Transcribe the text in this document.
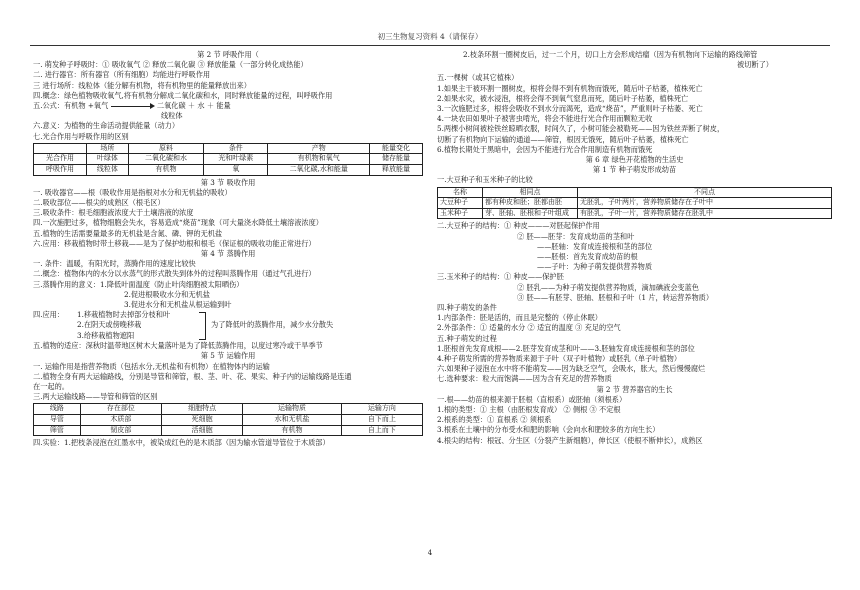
初三生物复习资料 4（请保存）
第 2 节 呼吸作用（
一. 萌发种子呼吸时：① 吸收氧气 ② 释放二氧化碳 ③ 释放能量（一部分转化成热能）
二. 进行器官：所有器官（所有细胞）均能进行呼吸作用
三 进行场所：线粒体（能分解有机物，将有机物里的能量释放出来）
四.概念：绿色植物吸收氧气,将有机物分解成二氧化碳和水，同时释放能量的过程，叫呼吸作用
五.公式：有机物 +氧气	二氧化碳 ＋ 水 ＋ 能量
线粒体
六.意义：为植物的生命活动提供能量（动力）
七.光合作用与呼吸作用的区别
	场所	原料	条件	产物	能量变化
光合作用	叶绿体	二氧化碳和水	光和叶绿素	有机物和氧气	储存能量
呼吸作用	线粒体	有机物	氧	二氧化碳,水和能量	释放能量
第 3 节 吸收作用
一. 吸收器官——根（吸收作用是指根对水分和无机盐的吸收）
二.吸收部位——根尖的成熟区（根毛区）
三.吸收条件：根毛细胞液浓度大于土壤溶液的浓度
四.一次施肥过多，植物细胞会失水，容易造成“烧苗”现象（可大量浇水降低土壤溶液浓度）
五.植物的生活需要量最多的无机盐是含氮、磷、钾的无机盐
六.应用：移栽植物时带土移栽——是为了保护幼根和根毛（保证根的吸收功能正常进行）
第 4 节 蒸腾作用
一. 条件：温暖，有阳光时，蒸腾作用的速度比较快
二.概念：植物体内的水分以水蒸气的形式散失到体外的过程叫蒸腾作用（通过气孔进行）
三.蒸腾作用的意义：1.降低叶面温度（防止叶肉细胞被太阳晒伤）
2.促进根吸收水分和无机盐
3.促进水分和无机盐从根运输到叶
四.应用： 1.移栽植物时去掉部分枝和叶
2.在阴天或傍晚移栽
3.给移栽植物遮阳
为了降低叶的蒸腾作用，减少水分散失
五.植物的适应：深秋时温带地区树木大量落叶是为了降低蒸腾作用，以度过寒冷或干旱季节
第 5 节 运输作用
一. 运输作用是指营养物质（包括水分,无机盐和有机物）在植物体内的运输
二.植物全身有两大运输路线，分别是导管和筛管，根、茎、叶、花、果实、种子内的运输线路是连通
在一起的。
三.两大运输线路——导管和筛管的区别
线路	存在部位	细胞特点	运输物质	运输方向
导管	木质部	死细胞	水和无机盐	自下而上
筛管	韧皮部	活细胞	有机物	自上而下
四.实验：1.把枝条浸泡在红墨水中，被染成红色的是木质部（因为输水管道导管位于木质部）
2.枝条环割一圈树皮后，过一二个月，切口上方会形成结瘤（因为有机物向下运输的路线筛管
被切断了）
五.一棵树（或其它植株）
1.如果主干被环割一圈树皮，根将会得不到有机物而饿死，随后叶子枯萎，植株死亡
2.如果水灾，被水浸泡，根将会得不到氧气窒息而死，随后叶子枯萎，植株死亡
3.一次施肥过多，根将会吸收不到水分而渴死，造成“烧苗”，严重则叶子枯萎、死亡
4.一块农田如果叶子被害虫啃光，将会不能进行光合作用而颗粒无收
5.两棵小树间被栓铁丝晾晒衣服，时间久了，小树可能会被勒死——因为铁丝弄断了树皮，
切断了有机物向下运输的通道——筛管，根因无饿死，随后叶子枯萎，植株死亡
6.植物长期处于黑暗中，会因为不能进行光合作用制造有机物而饿死
第 6 章 绿色开花植物的生活史
第 1 节 种子萌发形成幼苗
一.大豆种子和玉米种子的比较
名称	相同点	不同点
大豆种子	都有种皮和胚；胚都由胚	无胚乳，子叶两片，营养物质储存在子叶中
玉米种子	芽、胚轴、胚根和子叶组成	有胚乳，子叶一片，营养物质储存在胚乳中
二.大豆种子的结构：① 种皮———对胚起保护作用
② 胚——胚芽：发育成幼苗的茎和叶
——胚轴：发育成连接根和茎的部位
——胚根：首先发育成幼苗的根
——子叶：为种子萌发提供营养物质
三.玉米种子的结构：① 种皮——保护胚
② 胚乳——为种子萌发提供营养物质，滴加碘液会变蓝色
③ 胚——有胚芽、胚轴、胚根和子叶（1 片，转运营养物质）
四.种子萌发的条件
1.内部条件：胚是活的，而且是完整的（停止休眠）
2.外部条件：① 适量的水分 ② 适宜的温度 ③ 充足的空气
五.种子萌发的过程
1.胚根首先发育成根——2.胚芽发育成茎和叶——3.胚轴发育成连接根和茎的部位
4.种子萌发所需的营养物质来源于子叶（双子叶植物）或胚乳（单子叶植物）
六.如果种子浸泡在水中将不能萌发——因为缺乏空气，会吸水，胀大，然后慢慢腐烂
七.选种要求：粒大而饱满——因为含有充足的营养物质
第 2 节 营养器官的生长
一.根——幼苗的根来源于胚根（直根系）或胚轴（须根系）
1.根的类型：① 主根（由胚根发育成） ② 侧根 ③ 不定根
2.根系的类型：① 直根系 ② 须根系
3.根系在土壤中的分布受水和肥的影响（会向水和肥较多的方向生长）
4.根尖的结构：根冠、分生区（分裂产生新细胞），伸长区（使根不断伸长），成熟区
4
